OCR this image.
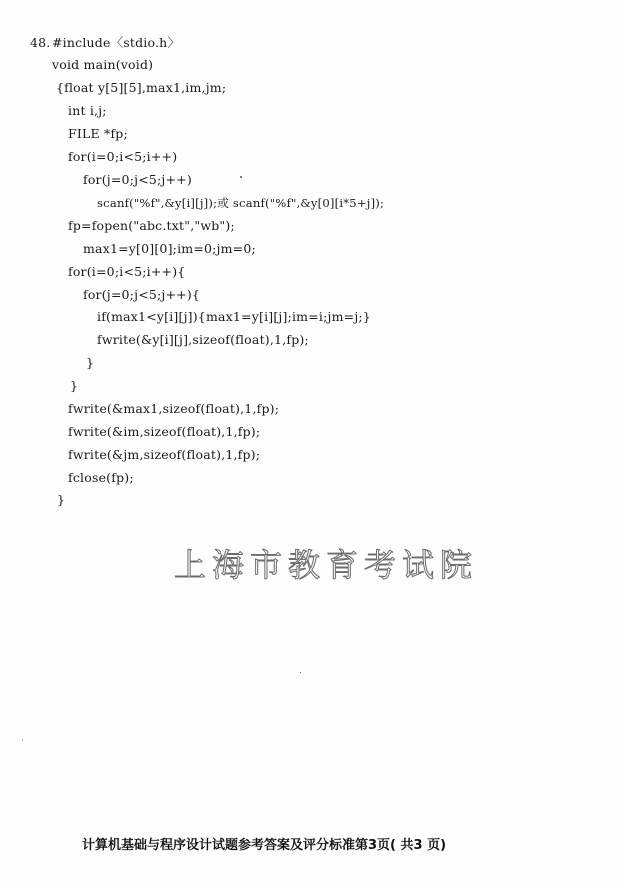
48. #include〈stdio.h〉
void main(void)
{float y[5][5],max1,im,jm;
int i,j;
FILE *fp;
for(i=0;i<5;i++)
for(j=0;j<5;j++)
scanf("%f",&y[i][j]);或 scanf("%f",&y[0][i*5+j]);
fp=fopen("abc.txt","wb");
max1=y[0][0];im=0;jm=0;
for(i=0;i<5;i++){
for(j=0;j<5;j++){
if(max1<y[i][j]){max1=y[i][j];im=i;jm=j;}
fwrite(&y[i][j],sizeof(float),1,fp);
}
}
fwrite(&max1,sizeof(float),1,fp);
fwrite(&im,sizeof(float),1,fp);
fwrite(&jm,sizeof(float),1,fp);
fclose(fp);
}
上海市教育考试院
计算机基础与程序设计试题参考答案及评分标准第3页( 共3 页)
